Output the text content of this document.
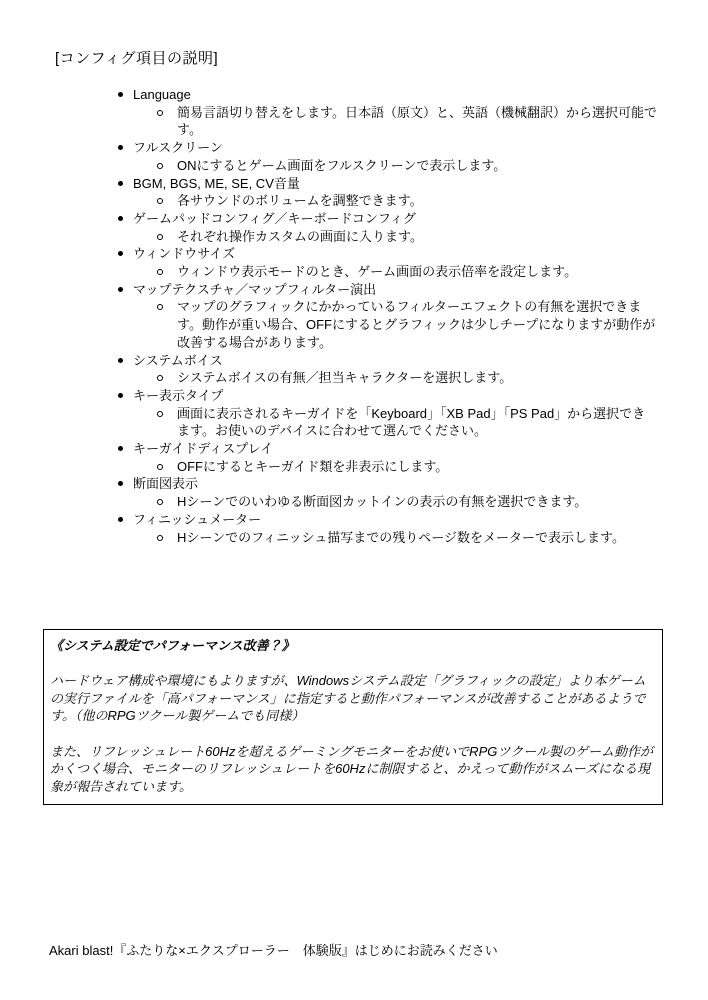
[コンフィグ項目の説明]
Language
簡易言語切り替えをします。日本語（原文）と、英語（機械翻訳）から選択可能です。
フルスクリーン
ONにするとゲーム画面をフルスクリーンで表示します。
BGM, BGS, ME, SE, CV音量
各サウンドのボリュームを調整できます。
ゲームパッドコンフィグ／キーボードコンフィグ
それぞれ操作カスタムの画面に入ります。
ウィンドウサイズ
ウィンドウ表示モードのとき、ゲーム画面の表示倍率を設定します。
マップテクスチャ／マップフィルター演出
マップのグラフィックにかかっているフィルターエフェクトの有無を選択できます。動作が重い場合、OFFにするとグラフィックは少しチープになりますが動作が改善する場合があります。
システムボイス
システムボイスの有無／担当キャラクターを選択します。
キー表示タイプ
画面に表示されるキーガイドを「Keyboard」「XB Pad」「PS Pad」から選択できます。お使いのデバイスに合わせて選んでください。
キーガイドディスプレイ
OFFにするとキーガイド類を非表示にします。
断面図表示
Hシーンでのいわゆる断面図カットインの表示の有無を選択できます。
フィニッシュメーター
Hシーンでのフィニッシュ描写までの残りページ数をメーターで表示します。

《システム設定でパフォーマンス改善？》

ハードウェア構成や環境にもよりますが、Windowsシステム設定「グラフィックの設定」より本ゲームの実行ファイルを「高パフォーマンス」に指定すると動作パフォーマンスが改善することがあるようです。（他のRPGツクール製ゲームでも同様）

また、リフレッシュレート60Hzを超えるゲーミングモニターをお使いでRPGツクール製のゲーム動作がかくつく場合、モニターのリフレッシュレートを60Hzに制限すると、かえって動作がスムーズになる現象が報告されています。

Akari blast!『ふたりな×エクスプローラー　体験版』はじめにお読みください
